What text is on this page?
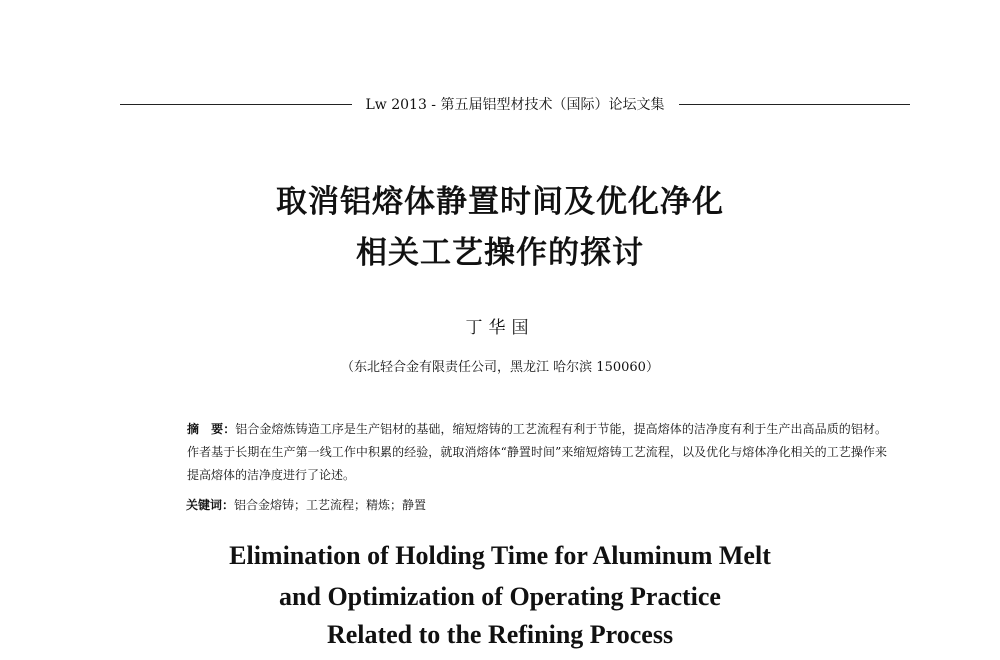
Lw 2013 - 第五届铝型材技术（国际）论坛文集
取消铝熔体静置时间及优化净化
相关工艺操作的探讨
丁华国
（东北轻合金有限责任公司，黑龙江 哈尔滨 150060）
摘　要：铝合金熔炼铸造工序是生产铝材的基础，缩短熔铸的工艺流程有利于节能，提高熔体的洁净度有利于生产出高品质的铝材。作者基于长期在生产第一线工作中积累的经验，就取消熔体“静置时间”来缩短熔铸工艺流程，以及优化与熔体净化相关的工艺操作来提高熔体的洁净度进行了论述。
关键词：铝合金熔铸；工艺流程；精炼；静置
Elimination of Holding Time for Aluminum Melt
and Optimization of Operating Practice
Related to the Refining Process
